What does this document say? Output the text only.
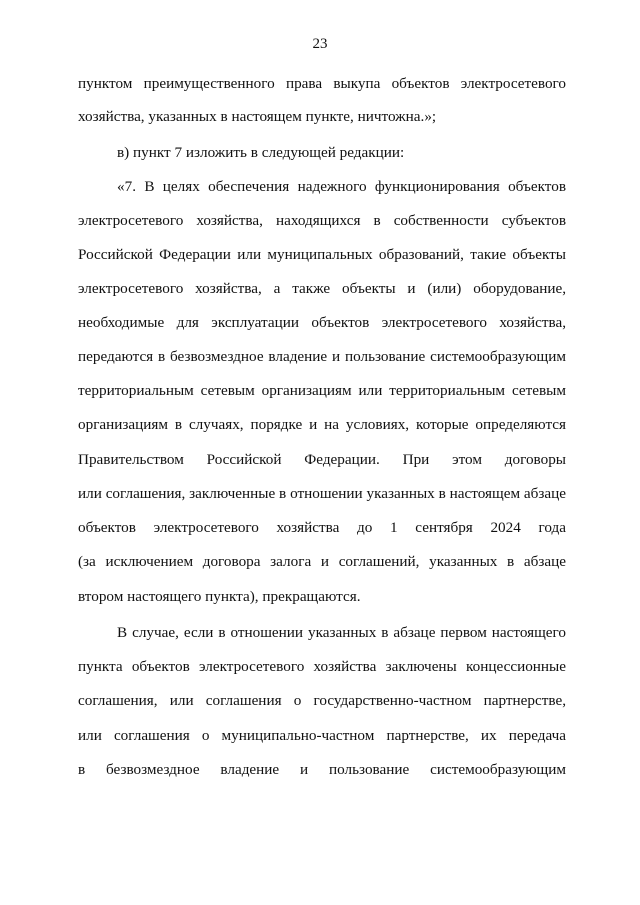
23
пунктом преимущественного права выкупа объектов электросетевого
хозяйства, указанных в настоящем пункте, ничтожна.»;
в) пункт 7 изложить в следующей редакции:
«7. В целях обеспечения надежного функционирования объектов
электросетевого хозяйства, находящихся в собственности субъектов
Российской Федерации или муниципальных образований, такие объекты
электросетевого хозяйства, а также объекты и (или) оборудование,
необходимые для эксплуатации объектов электросетевого хозяйства,
передаются в безвозмездное владение и пользование системообразующим
территориальным сетевым организациям или территориальным сетевым
организациям в случаях, порядке и на условиях, которые определяются
Правительством Российской Федерации. При этом договоры
или соглашения, заключенные в отношении указанных в настоящем абзаце
объектов электросетевого хозяйства до 1 сентября 2024 года
(за исключением договора залога и соглашений, указанных в абзаце
втором настоящего пункта), прекращаются.
В случае, если в отношении указанных в абзаце первом настоящего
пункта объектов электросетевого хозяйства заключены концессионные
соглашения, или соглашения о государственно-частном партнерстве,
или соглашения о муниципально-частном партнерстве, их передача
в безвозмездное владение и пользование системообразующим
